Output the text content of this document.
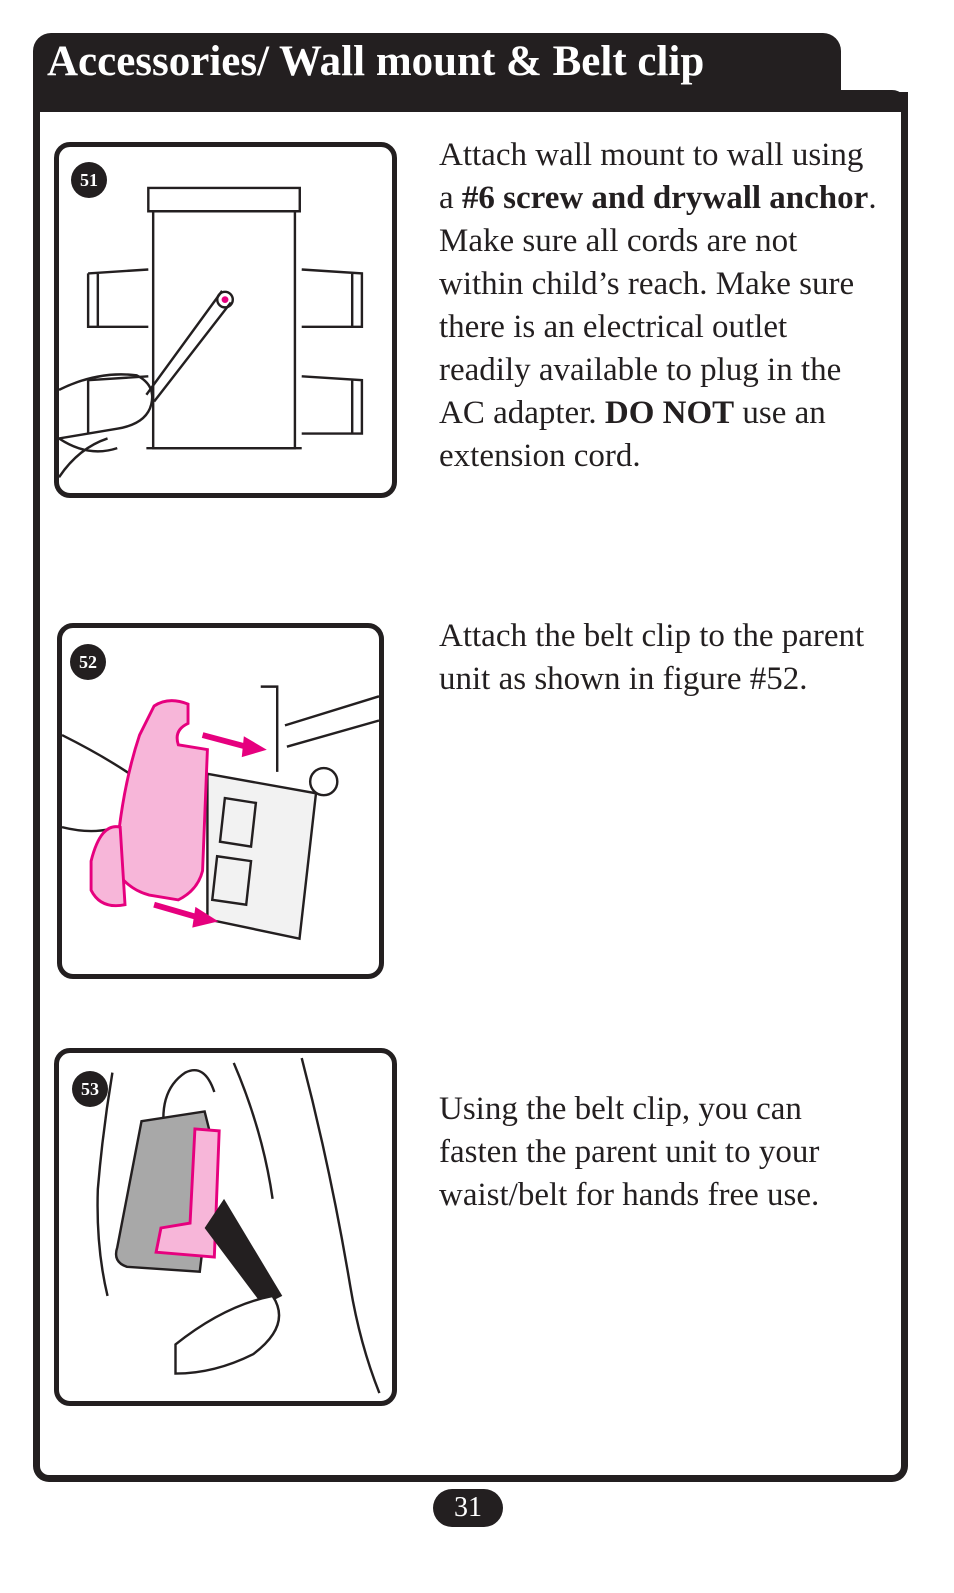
Accessories/ Wall mount & Belt clip
51
52
53
Attach wall mount to wall using a #6 screw and drywall anchor. Make sure all cords are not within child’s reach. Make sure there is an electrical outlet readily available to plug in the AC adapter. DO NOT use an extension cord.
Attach the belt clip to the parent unit as shown in figure #52.
Using the belt clip, you can fasten the parent unit to your waist/belt for hands free use.
31
